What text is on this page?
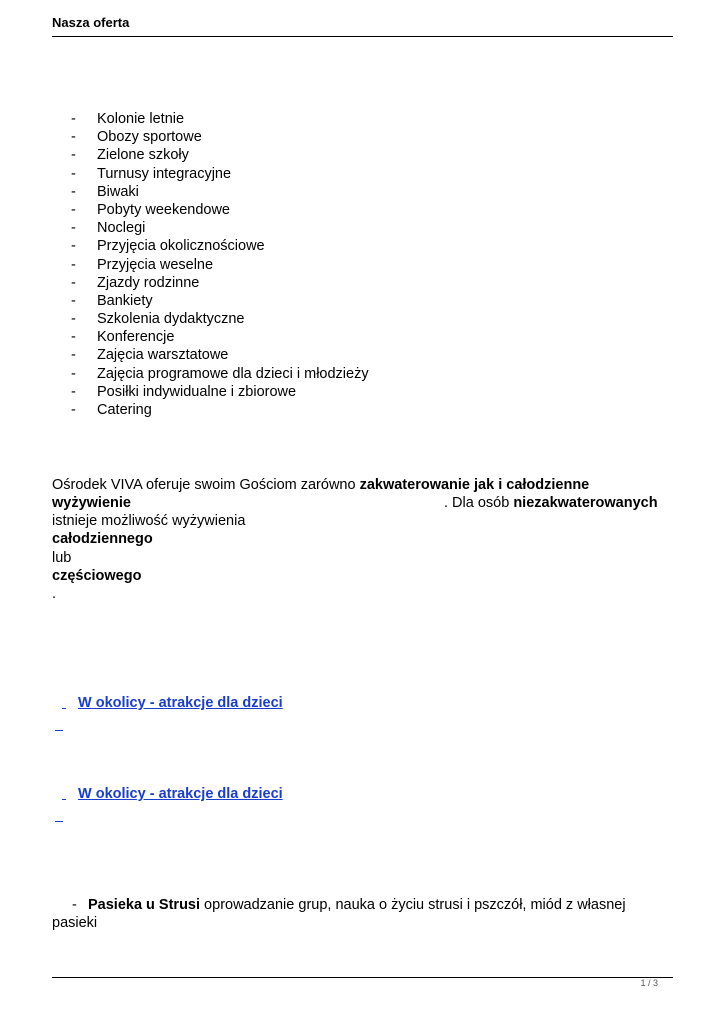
Nasza oferta
- Kolonie letnie
- Obozy sportowe
- Zielone szkoły
- Turnusy integracyjne
- Biwaki
- Pobyty weekendowe
- Noclegi
- Przyjęcia okolicznościowe
- Przyjęcia weselne
- Zjazdy rodzinne
- Bankiety
- Szkolenia dydaktyczne
- Konferencje
- Zajęcia warsztatowe
- Zajęcia programowe dla dzieci i młodzieży
- Posiłki indywidualne i zbiorowe
- Catering
Ośrodek VIVA oferuje swoim Gościom zarówno zakwaterowanie jak i całodzienne
wyżywienie	. Dla osób niezakwaterowanych
istnieje możliwość wyżywienia
całodziennego
lub
częściowego
.
W okolicy - atrakcje dla dzieci
W okolicy - atrakcje dla dzieci
- Pasieka u Strusi oprowadzanie grup, nauka o życiu strusi i pszczół, miód z własnej
pasieki
1 / 3
